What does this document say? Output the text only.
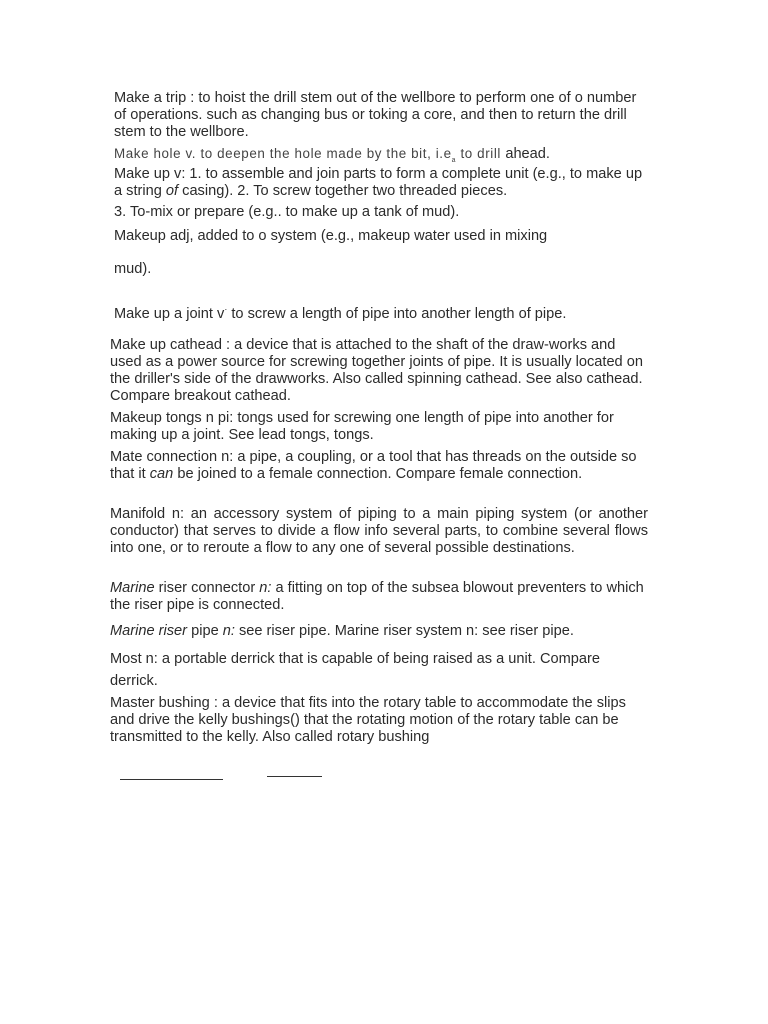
Make a trip : to hoist the drill stem out of the wellbore to perform one of o number of operations. such as changing bus or toking a core, and then to return the drill stem to the wellbore.

Make hole v. to deepen the hole made by the bit, $i.e_a$ to drill ahead.

Make up v: 1. to assemble and join parts to form a complete unit (e.g., to make up a string of casing). 2. To screw together two threaded pieces.

3. To-mix or prepare (e.g.. to make up a tank of mud).

Makeup adj, added to o system (e.g., makeup water used in mixing

mud).

Make up a joint v· to screw a length of pipe into another length of pipe.

Make up cathead : a device that is attached to the shaft of the draw-works and used as a power source for screwing together joints of pipe. It is usually located on the driller's side of the drawworks. Also called spinning cathead. See also cathead. Compare breakout cathead.

Makeup tongs n pi: tongs used for screwing one length of pipe into another for making up a joint. See lead tongs, tongs.

Mate connection n: a pipe, a coupling, or a tool that has threads on the outside so that it can be joined to a female connection. Compare female connection.

Manifold n: an accessory system of piping to a main piping system (or another conductor) that serves to divide a flow info several parts, to combine several flows into one, or to reroute a flow to any one of several possible destinations.

Marine riser connector n: a fitting on top of the subsea blowout preventers to which the riser pipe is connected.

Marine riser pipe n: see riser pipe. Marine riser system n: see riser pipe.

Most n: a portable derrick that is capable of being raised as a unit. Compare

derrick.

Master bushing : a device that fits into the rotary table to accommodate the slips and drive the kelly bushings() that the rotating motion of the rotary table can be transmitted to the kelly. Also called rotary bushing
